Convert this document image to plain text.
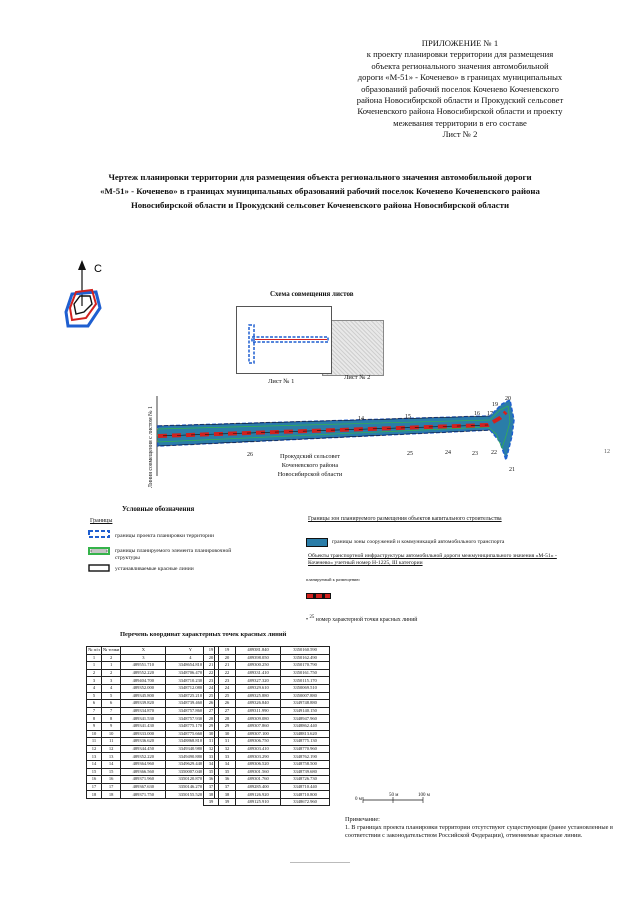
ПРИЛОЖЕНИЕ № 1
к проекту планировки территории для размещения
объекта регионального значения автомобильной
дороги «М-51» - Коченево» в границах муниципальных
образований рабочий поселок Коченево Коченевского
района Новосибирской области и Прокудский сельсовет
Коченевского района Новосибирской области и проекту
межевания территории в его составе
Лист № 2
Чертеж планировки территории для размещения объекта регионального значения автомобильной дороги
«М-51» - Коченево» в границах муниципальных образований рабочий поселок Коченево Коченевского района
Новосибирской области и Прокудский сельсовет Коченевского района Новосибирской области
С
Схема совмещения листов
Лист № 1
Лист № 2
Линия совмещения с листом № 1	14	15	16 17
19
20
21
22
23
24
25
26	Прокудский сельсовет
Коченевского района
Новосибирской области
12
Условные обозначения
Границы
границы проекта планировки территории
границы планируемого элемента планировочной структуры
устанавливаемые красные линии
Границы зон планируемого размещения объектов капитального строительства
границы зоны сооружений и коммуникаций автомобильного транспорта
Объекты транспортной инфраструктуры автомобильной дороги межмуниципального значения «М-51» - Коченево» учетный номер Н-1225, III категории
планируемый к размещению
• $^{25}$ номер характерной точки красных линий
Перечень координат характерных точек красных линий
№ п/п	№ точки	X	Y
1	2	3	4
1	1	489551.710	3348654.810
2	2	489552.220	3348706.470
3	3	489404.700	3348710.230
4	4	489352.000	3348712.080
5	5	489345.800	3348725.210
6	6	489339.820	3348739.460
7	7	489334.870	3348757.860
8	8	489341.530	3348757.930
9	9	489341.430	3348775.170
10	10	489333.000	3348775.660
11	11	489336.620	3348868.810
12	12	489344.450	3349340.980
13	13	489352.220	3349490.880
14	14	489364.960	3349629.440
15	15	489366.560	3350007.040
16	16	489371.960	3350120.870
17	17	489367.630	3350146.270
18	18	489371.750	3350155.520
19	19	489381.840	3350160.590
20	20	489398.050	3350162.490
21	21	489300.250	3350170.790
22	22	489331.410	3350161.750
23	23	489327.320	3350115.170
24	24	489329.610	3350069.510
25	25	489325.880	3350007.880
26	26	489326.840	3349748.880
27	27	489311.990	3349140.150
28	28	489309.080	3348947.960
29	29	489307.860	3348862.440
30	30	489307.100	3348813.620
31	31	489306.750	3348775.130
32	32	489303.410	3348770.960
33	33	489303.290	3348762.190
34	34	489306.520	3348758.500
35	35	489301.560	3348739.680
36	36	489301.760	3348726.730
37	37	489285.400	3348710.440
38	38	489126.920	3348710.800
39	39	489125.910	3348672.960	0 м
50 м	100 м
Примечание:
1. В границах проекта планировки территории отсутствуют существующие (ранее установленные в соответствии с законодательством Российской Федерации), отменяемые красные линии.
